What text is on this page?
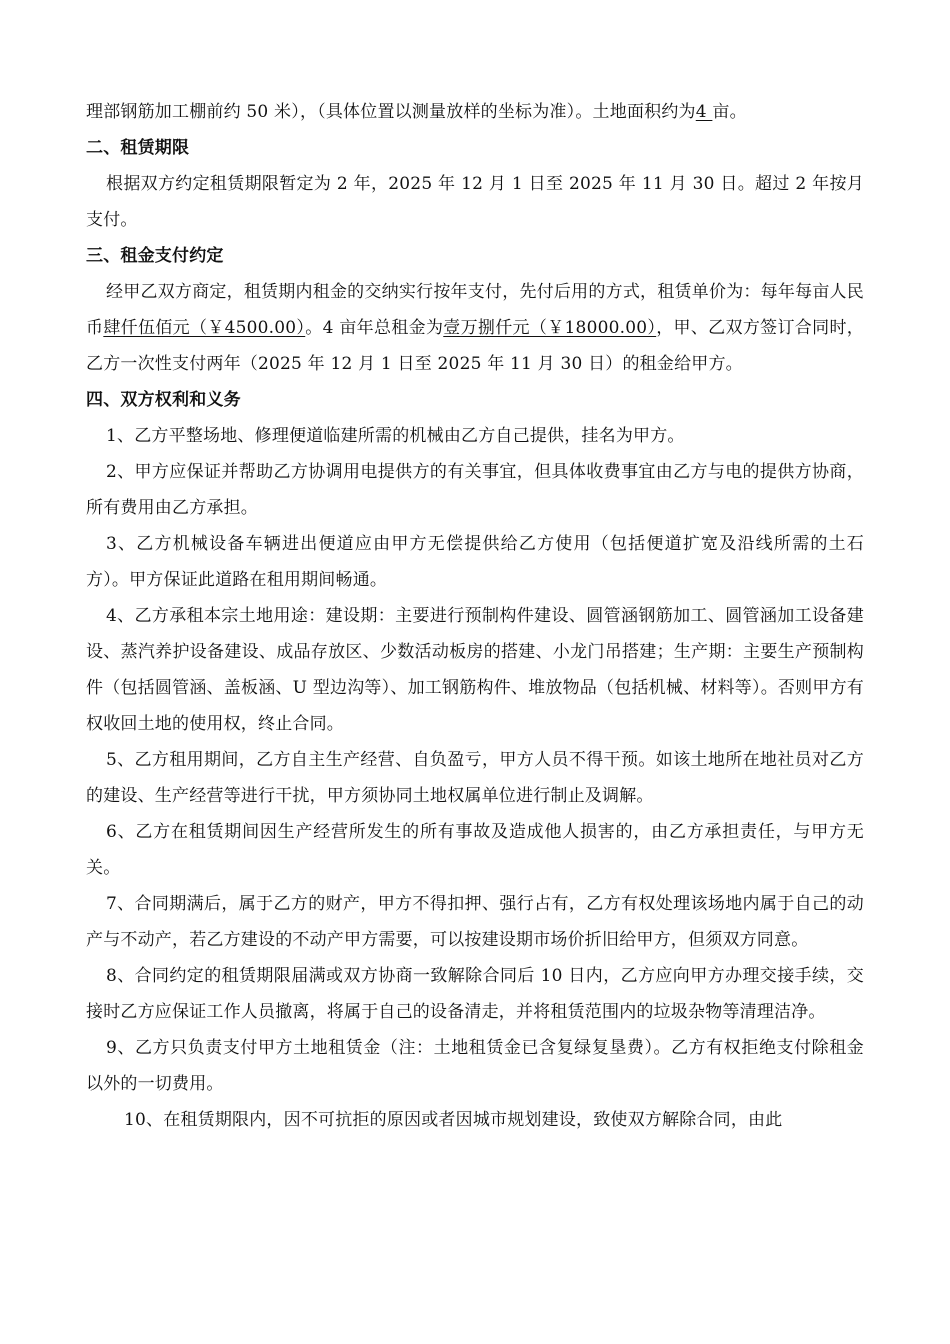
理部钢筋加工棚前约 50 米），（具体位置以测量放样的坐标为准）。土地面积约为4 亩。

二、租赁期限

根据双方约定租赁期限暂定为 2 年，2025 年 12 月 1 日至 2025 年 11 月 30 日。超过 2 年按月支付。

三、租金支付约定

经甲乙双方商定，租赁期内租金的交纳实行按年支付，先付后用的方式，租赁单价为：每年每亩人民币肆仟伍佰元（￥4500.00）。4 亩年总租金为壹万捌仟元（￥18000.00），甲、乙双方签订合同时，乙方一次性支付两年（2025 年 12 月 1 日至 2025 年 11 月 30 日）的租金给甲方。

四、双方权利和义务

1、乙方平整场地、修理便道临建所需的机械由乙方自己提供，挂名为甲方。

2、甲方应保证并帮助乙方协调用电提供方的有关事宜，但具体收费事宜由乙方与电的提供方协商，所有费用由乙方承担。

3、乙方机械设备车辆进出便道应由甲方无偿提供给乙方使用（包括便道扩宽及沿线所需的土石方）。甲方保证此道路在租用期间畅通。

4、乙方承租本宗土地用途：建设期：主要进行预制构件建设、圆管涵钢筋加工、圆管涵加工设备建设、蒸汽养护设备建设、成品存放区、少数活动板房的搭建、小龙门吊搭建；生产期：主要生产预制构件（包括圆管涵、盖板涵、U 型边沟等）、加工钢筋构件、堆放物品（包括机械、材料等）。否则甲方有权收回土地的使用权，终止合同。

5、乙方租用期间，乙方自主生产经营、自负盈亏，甲方人员不得干预。如该土地所在地社员对乙方的建设、生产经营等进行干扰，甲方须协同土地权属单位进行制止及调解。

6、乙方在租赁期间因生产经营所发生的所有事故及造成他人损害的，由乙方承担责任，与甲方无关。

7、合同期满后，属于乙方的财产，甲方不得扣押、强行占有，乙方有权处理该场地内属于自己的动产与不动产，若乙方建设的不动产甲方需要，可以按建设期市场价折旧给甲方，但须双方同意。

8、合同约定的租赁期限届满或双方协商一致解除合同后 10 日内，乙方应向甲方办理交接手续，交接时乙方应保证工作人员撤离，将属于自己的设备清走，并将租赁范围内的垃圾杂物等清理洁净。

9、乙方只负责支付甲方土地租赁金（注：土地租赁金已含复绿复垦费）。乙方有权拒绝支付除租金以外的一切费用。

10、在租赁期限内，因不可抗拒的原因或者因城市规划建设，致使双方解除合同，由此
